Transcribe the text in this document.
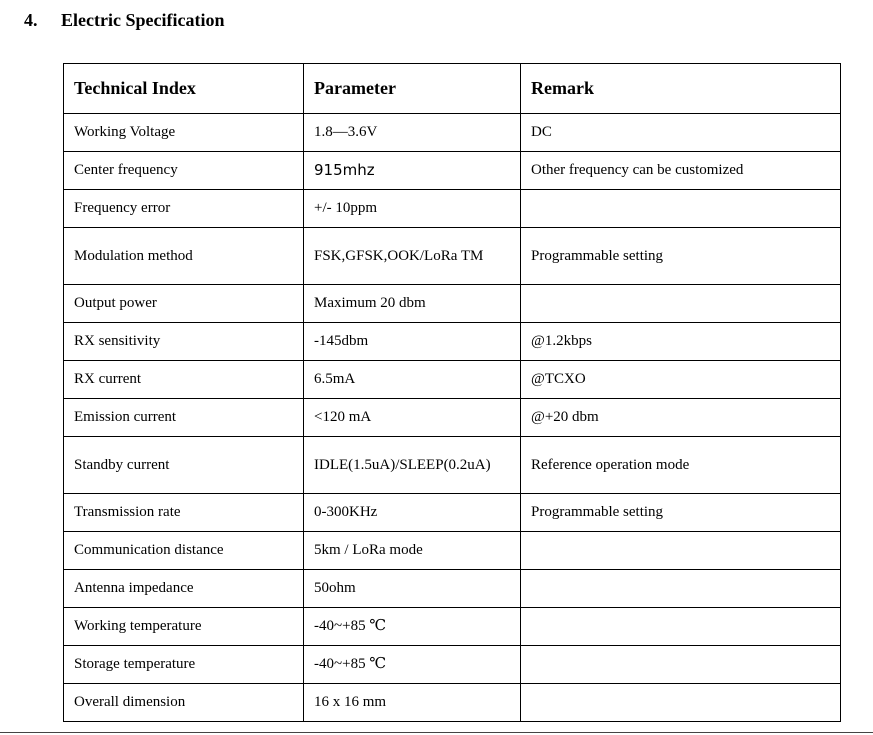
4. Electric Specification
Technical Index	Parameter	Remark
Working Voltage	1.8—3.6V	DC
Center frequency	915mhz	Other frequency can be customized
Frequency error	+/- 10ppm	
Modulation method	FSK,GFSK,OOK/LoRa TM	Programmable setting
Output power	Maximum 20 dbm	
RX sensitivity	-145dbm	@1.2kbps
RX current	6.5mA	@TCXO
Emission current	<120 mA	@+20 dbm
Standby current	IDLE(1.5uA)/SLEEP(0.2uA)	Reference operation mode
Transmission rate	0-300KHz	Programmable setting
Communication distance	5km / LoRa mode	
Antenna impedance	50ohm	
Working temperature	-40~+85 ℃	
Storage temperature	-40~+85 ℃	
Overall dimension	16 x 16 mm	
